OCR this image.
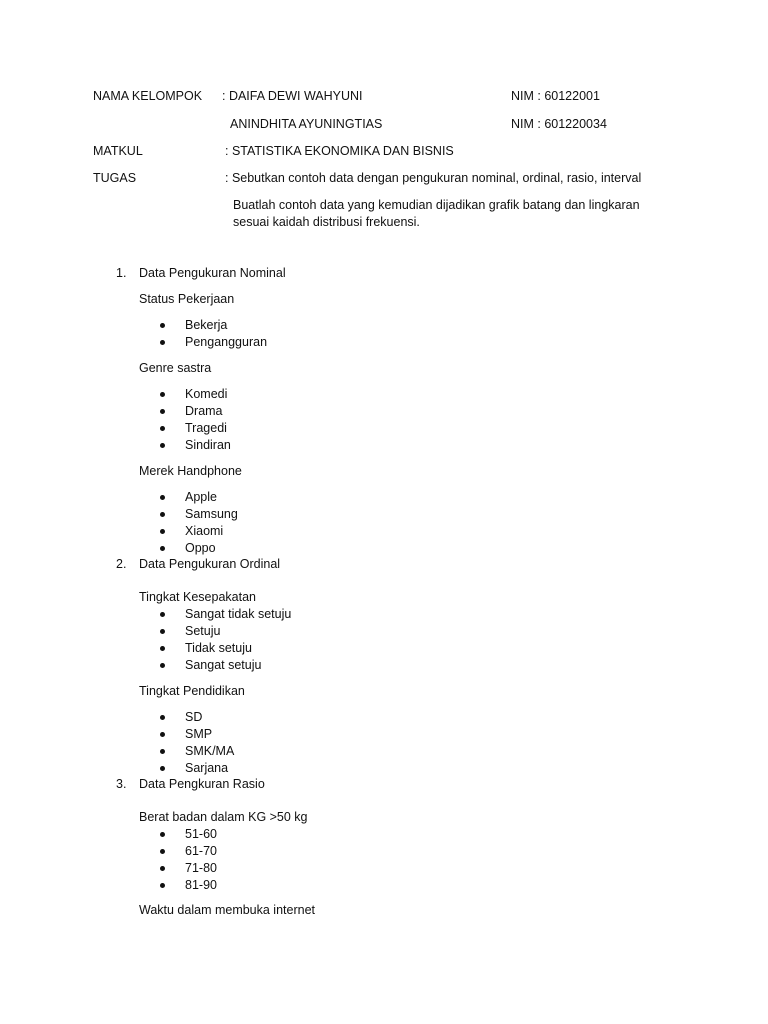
NAMA KELOMPOK : DAIFA DEWI WAHYUNI	NIM : 60122001
ANINDHITA AYUNINGTIAS	NIM : 601220034
MATKUL	: STATISTIKA EKONOMIKA DAN BISNIS
TUGAS	: Sebutkan contoh data dengan pengukuran nominal, ordinal, rasio, interval
Buatlah contoh data yang kemudian dijadikan grafik batang dan lingkaran sesuai kaidah distribusi frekuensi.
1.	Data Pengukuran Nominal
Status Pekerjaan
Bekerja
Pengangguran
Genre sastra
Komedi
Drama
Tragedi
Sindiran
Merek Handphone
Apple
Samsung
Xiaomi
Oppo
2.	Data Pengukuran Ordinal
Tingkat Kesepakatan
Sangat tidak setuju
Setuju
Tidak setuju
Sangat setuju
Tingkat Pendidikan
SD
SMP
SMK/MA
Sarjana
3.	Data Pengkuran Rasio
Berat badan dalam KG >50 kg
51-60
61-70
71-80
81-90
Waktu dalam membuka internet
